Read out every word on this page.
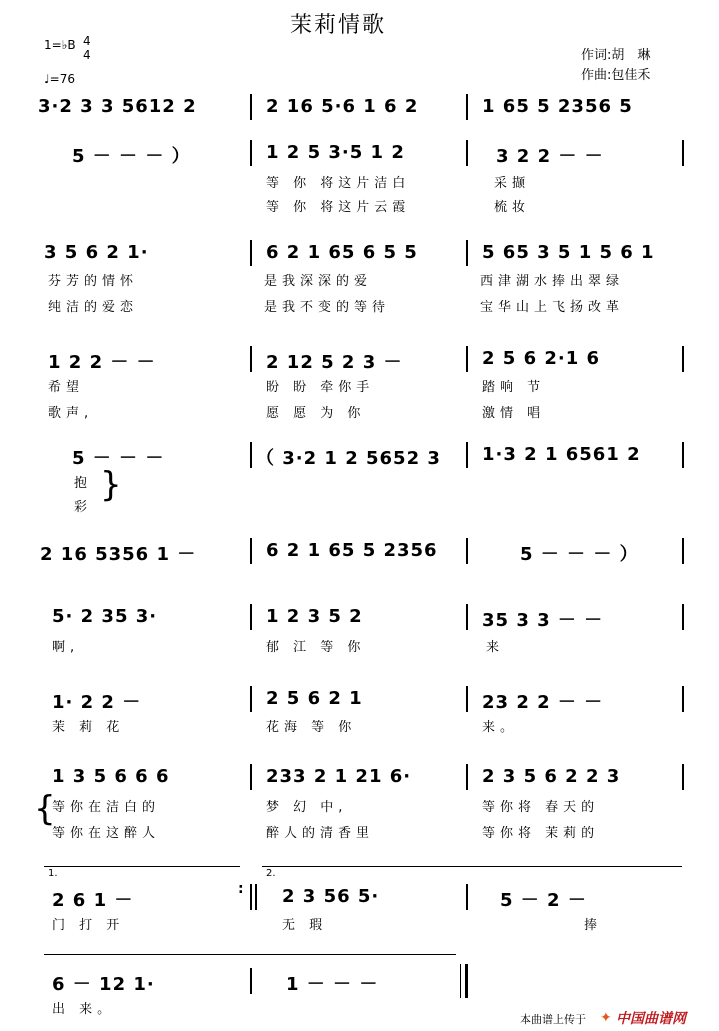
茉莉情歌
作词:胡　琳
作曲:包佳禾
1=♭B 4
4
♩=76
3·2 3 3 5612 2	2 16 5·6 1 6 2	1 65 5 2356 5
5 － － － ）	1 2 5 3·5 1 2	3 2 2 － －
等 你 将这片洁白	采撷
等 你 将这片云霞	梳妆
3 5 6 2 1·	6 2 1 65 6 5 5	5 65 3 5 1 5 6 1
芬芳的情怀	是我深深的爱	西津湖水捧出翠绿
纯洁的爱恋	是我不变的等待	宝华山上飞扬改革
1 2 2 － －	2 12 5 2 3 －	2 5 6 2·1 6
希望	盼 盼 牵你手	踏响 节
歌声,	愿 愿 为 你	激情 唱
5 － － －	（ 3·2 1 2 5652 3 1·3 2 1 6561 2
抱
彩
}
2 16 5356 1 －	6 2 1 65 5 2356	5 － － － ）
5· 2 35 3·	1 2 3 5 2	35 3 3 － －
啊,	郁 江 等 你	来
1· 2 2 －	2 5 6 2 1	23 2 2 － －
茉 莉 花	花海 等 你	来。
1 3 5 6 6 6	233 2 1 21 6·	2 3 5 6 2 2 3
{
等你在洁白的	梦 幻 中,	等你将 春天的
等你在这醉人	醉人的清香里	等你将 茉莉的
1.	2.
2 6 1 －	2 3 56 5·	5 － 2 －
:
门 打 开	无 瑕	捧
6 － 12 1·	1 － － －
出 来。
本曲谱上传于 ✦ 中国曲谱网
